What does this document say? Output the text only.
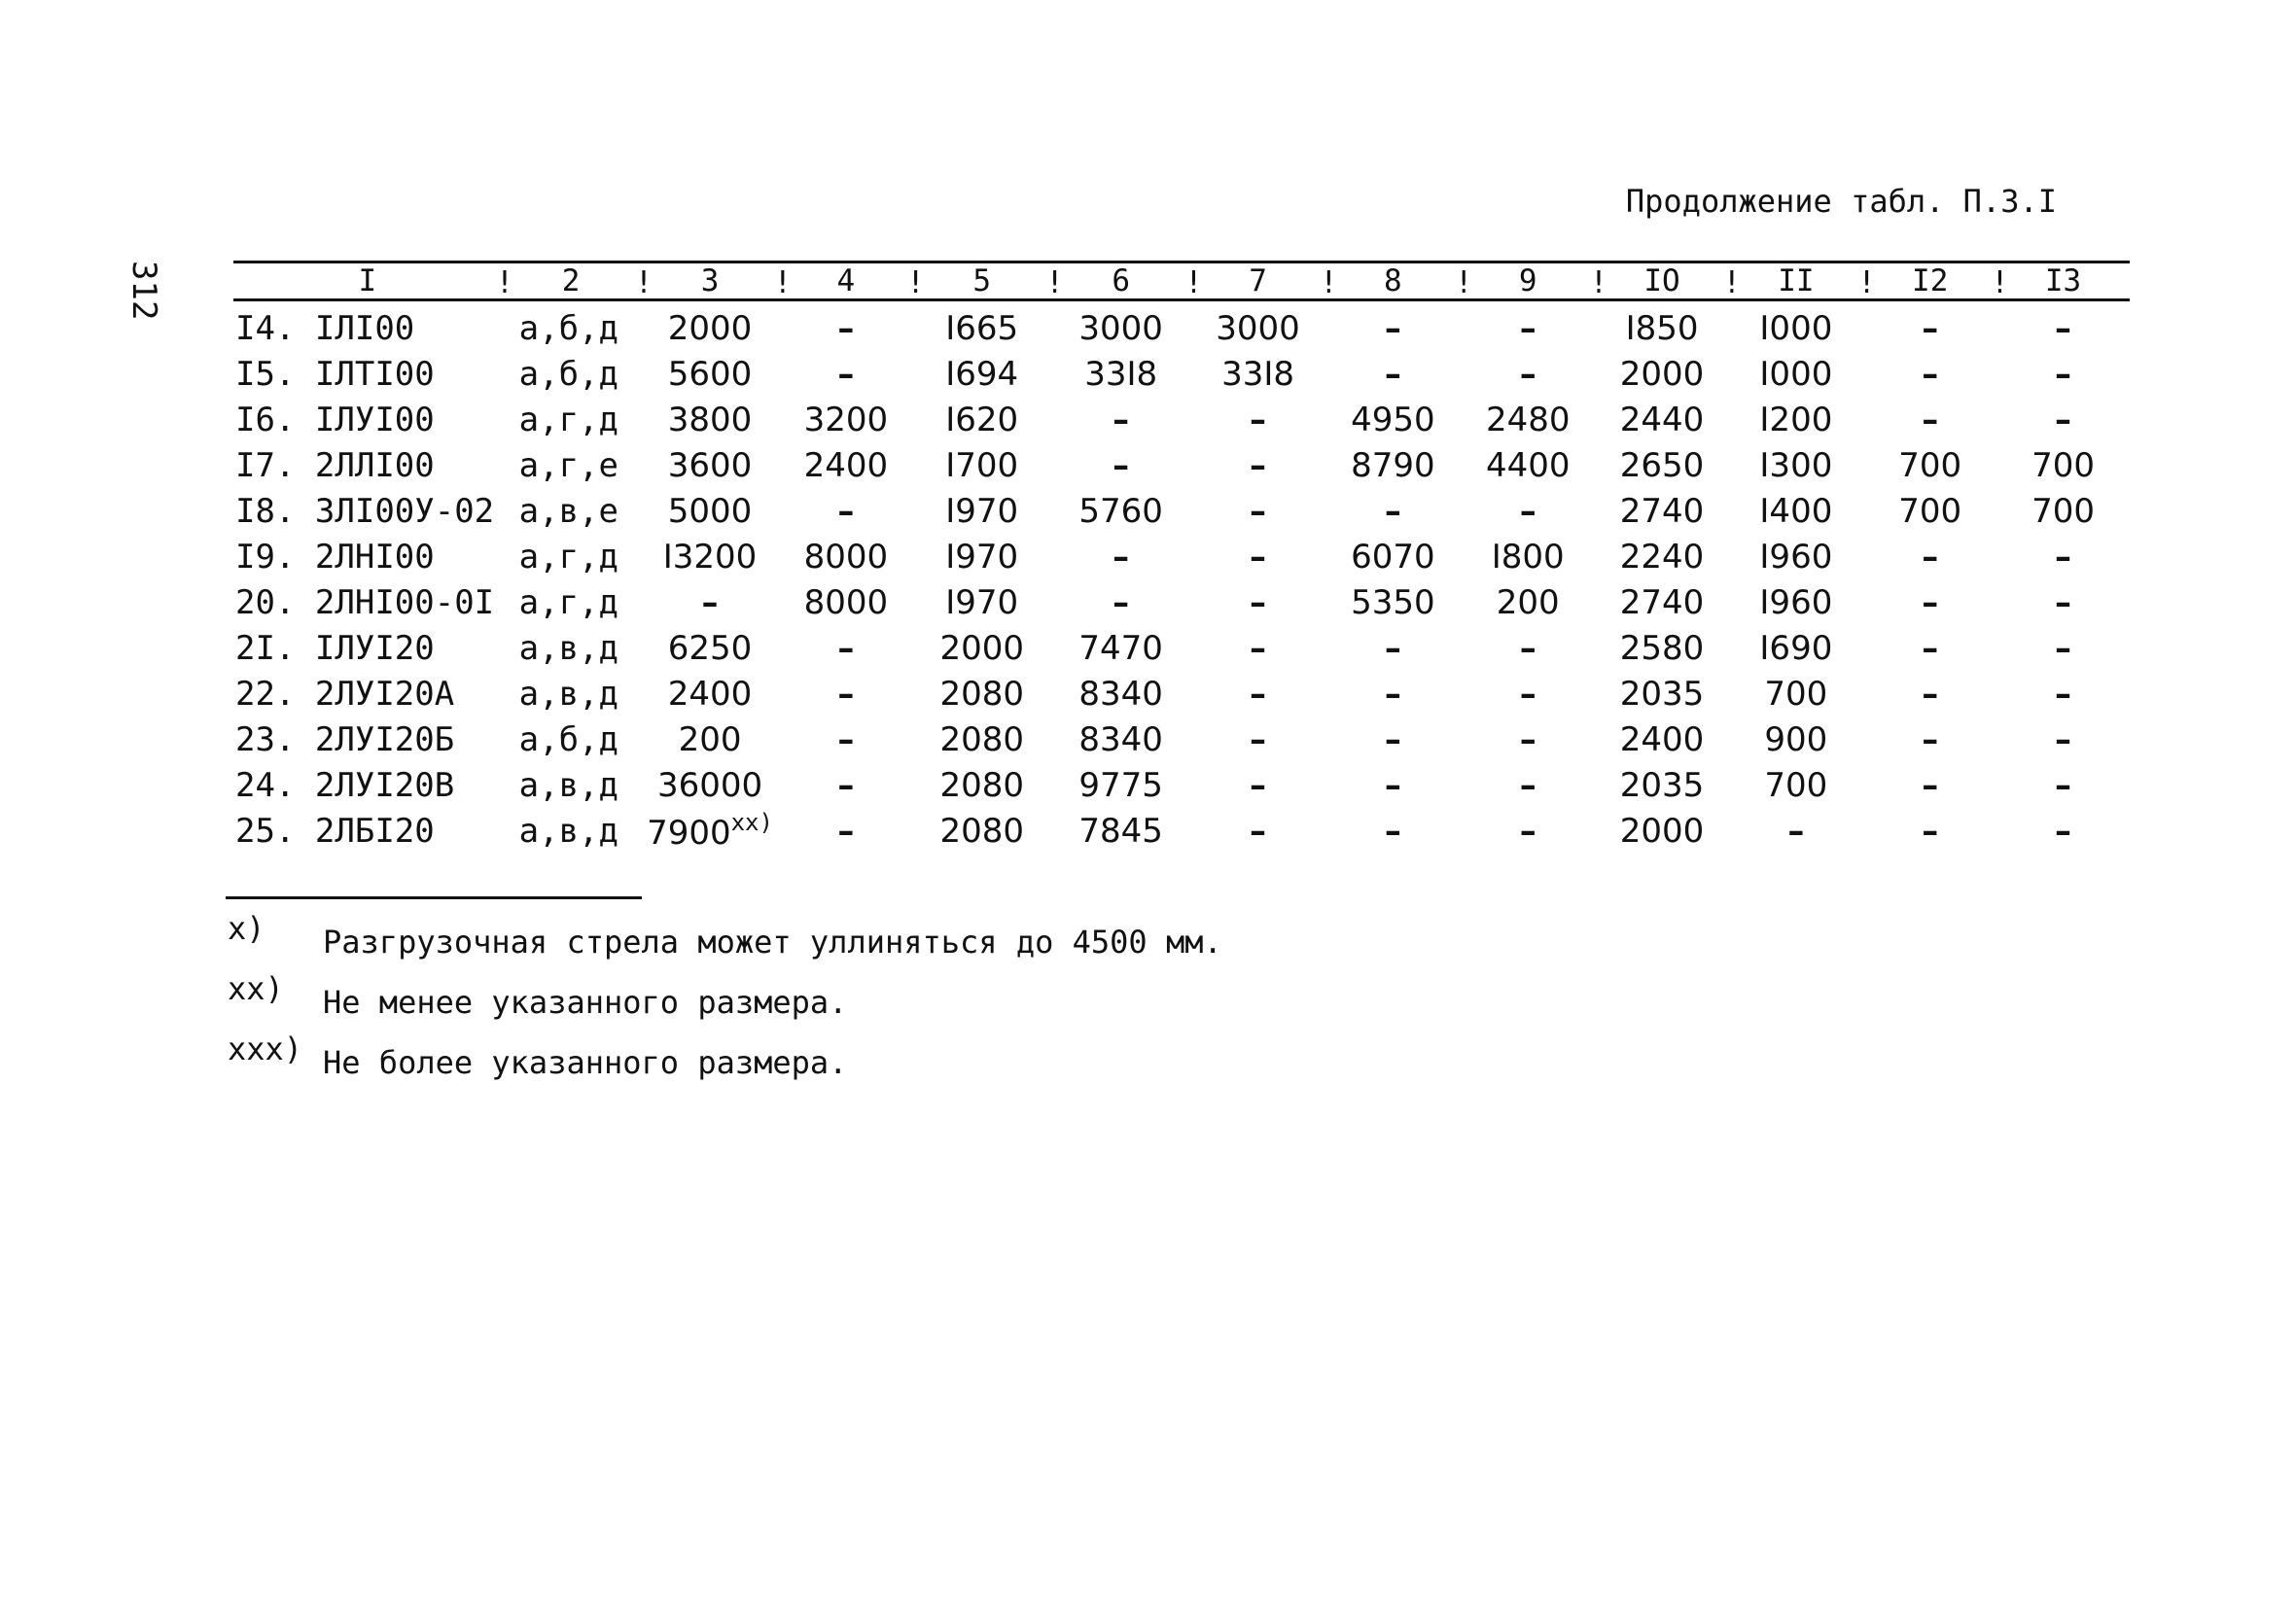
312
Продолжение табл. П.3.I
I	! 2	! 3	! 4	! 5	! 6	! 7	! 8	! 9	! IO	! II	! I2	! I3

I4. IЛI00	а,б,д	2000	–	I665	3000	3000	–	–	I850	I000	–	–
I5. IЛТI00	а,б,д	5600	–	I694	33I8	33I8	–	–	2000	I000	–	–
I6. IЛУI00	а,г,д	3800	3200	I620	–	–	4950	2480	2440	I200	–	–
I7. 2ЛЛI00	а,г,е	3600	2400	I700	–	–	8790	4400	2650	I300	700	700
I8. 3ЛI00У-02	а,в,е	5000	–	I970	5760	–	–	–	2740	I400	700	700
I9. 2ЛНI00	а,г,д	I3200	8000	I970	–	–	6070	I800	2240	I960	–	–
20. 2ЛНI00-0I	а,г,д	–	8000	I970	–	–	5350	200	2740	I960	–	–
2I. IЛУI20	а,в,д	6250	–	2000	7470	–	–	–	2580	I690	–	–
22. 2ЛУI20А	а,в,д	2400	–	2080	8340	–	–	–	2035	700	–	–
23. 2ЛУI20Б	а,б,д	200	–	2080	8340	–	–	–	2400	900	–	–
24. 2ЛУI20В	а,в,д	36000	–	2080	9775	–	–	–	2035	700	–	–
25. 2ЛБI20	а,в,д	7900$^{xx)}$	–	2080	7845	–	–	–	2000	–	–	–
x) Разгрузочная стрела может уллиняться до 4500 мм.
xx) Не менее указанного размера.
xxx) Не более указанного размера.
